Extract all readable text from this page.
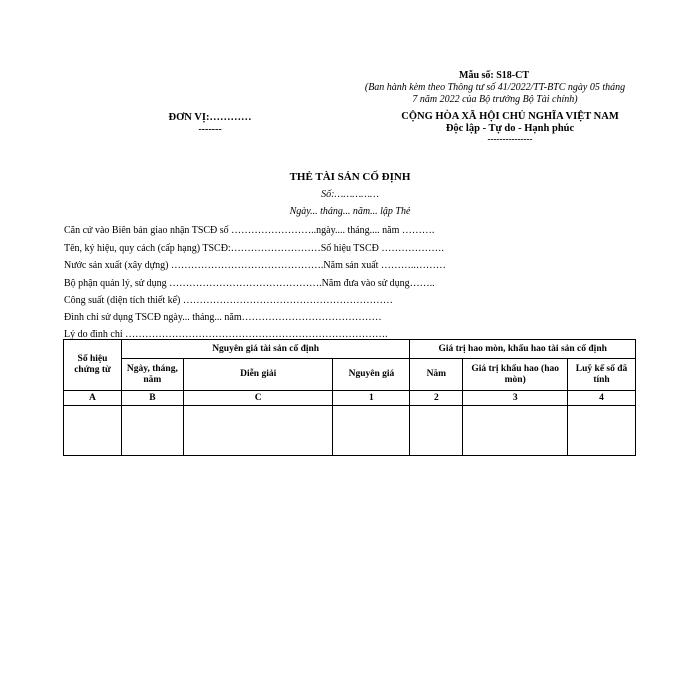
Mẫu số: S18-CT
(Ban hành kèm theo Thông tư số 41/2022/TT-BTC ngày 05 tháng
7 năm 2022 của Bộ trưởng Bộ Tài chính)
ĐƠN VỊ:…………
-------
CỘNG HÒA XÃ HỘI CHỦ NGHĨA VIỆT NAM
Độc lập - Tự do - Hạnh phúc
---------------
THẺ TÀI SẢN CỐ ĐỊNH
Số:……………
Ngày... tháng... năm... lập Thẻ
Căn cứ vào Biên bản giao nhận TSCĐ số ……………………..ngày.... tháng.... năm ……….
Tên, ký hiệu, quy cách (cấp hạng) TSCĐ:………………………Số hiệu TSCĐ ……………….
Nước sản xuất (xây dựng) ……………………………………….Năm sản xuất ………..………
Bộ phận quản lý, sử dụng ……………………………………….Năm đưa vào sử dụng……..
Công suất (diện tích thiết kế) ………………………………………………………
Đình chỉ sử dụng TSCĐ ngày... tháng... năm……………………………………
Lý do đình chỉ …………………………………………………………………….
Số hiệu chứng từ	Nguyên giá tài sản cố định			Giá trị hao mòn, khấu hao tài sản cố định		
	Ngày, tháng, năm	Diễn giải	Nguyên giá	Năm	Giá trị khấu hao (hao mòn)	Luỹ kế số đã tính
A	B	C	1	2	3	4
